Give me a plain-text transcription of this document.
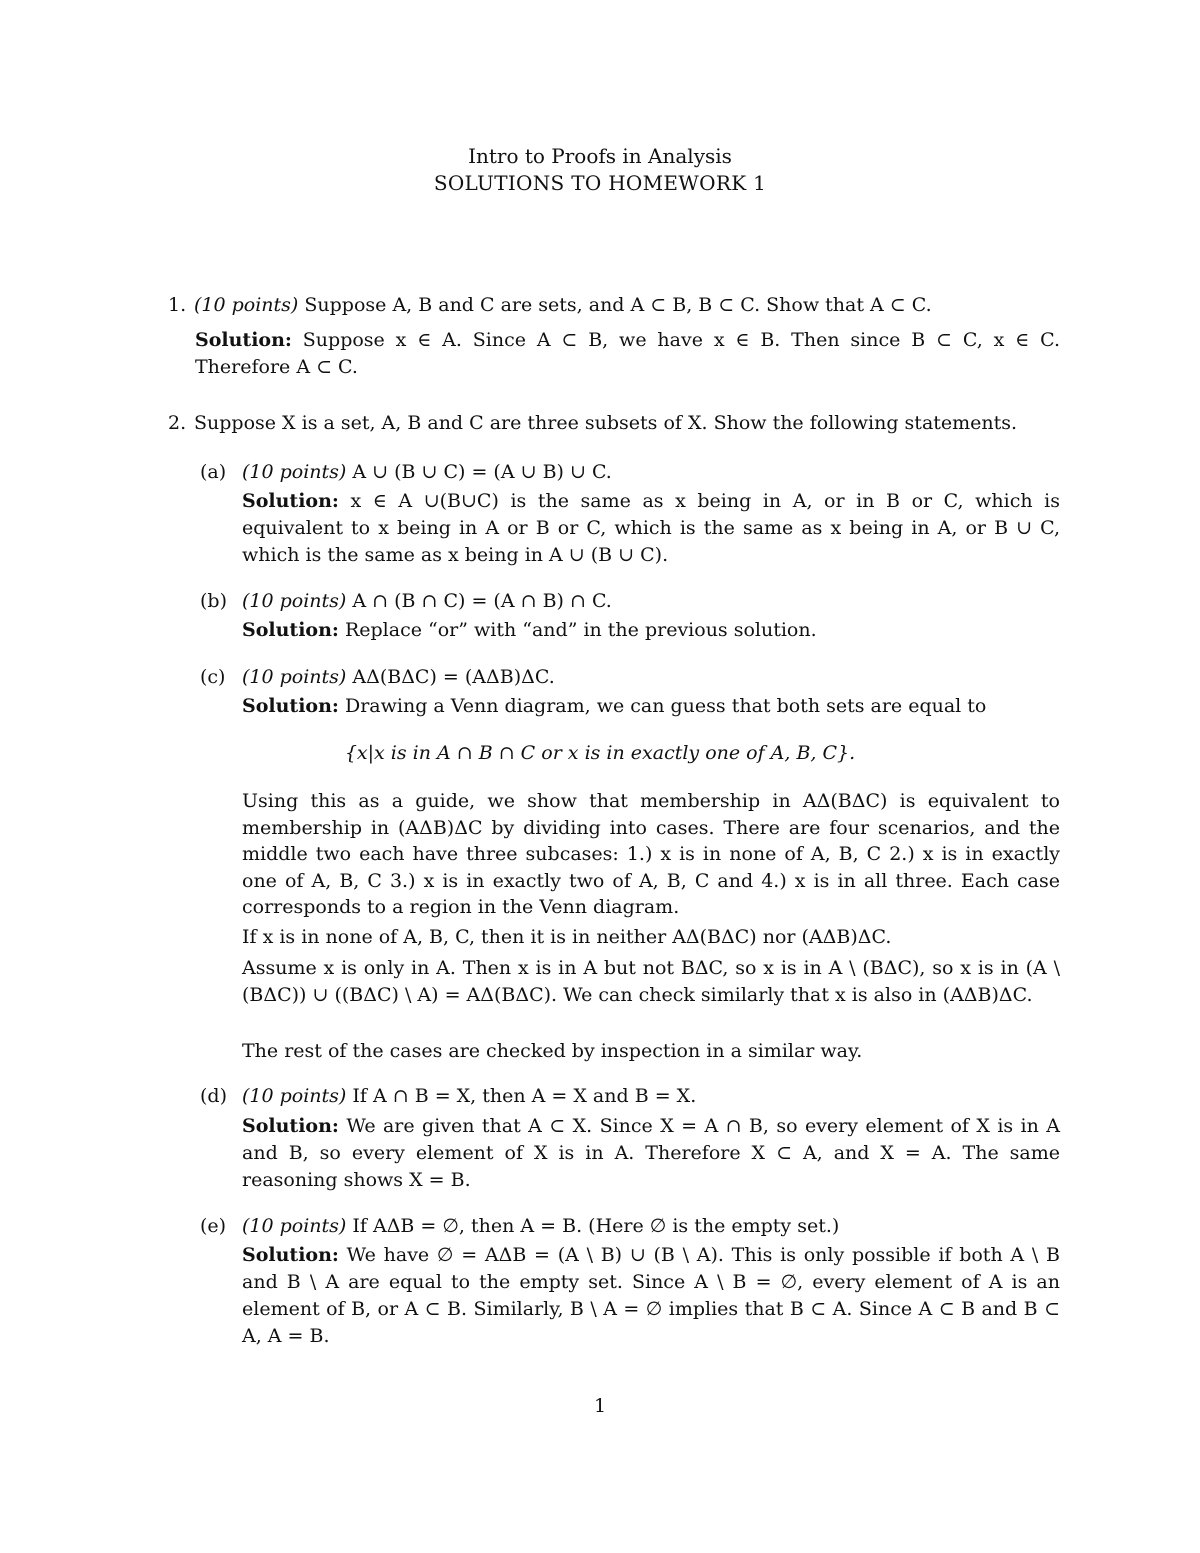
Intro to Proofs in Analysis
SOLUTIONS TO HOMEWORK 1
1. (10 points) Suppose A, B and C are sets, and A ⊂ B, B ⊂ C. Show that A ⊂ C.
Solution: Suppose x ∈ A. Since A ⊂ B, we have x ∈ B. Then since B ⊂ C, x ∈ C. Therefore A ⊂ C.
2. Suppose X is a set, A, B and C are three subsets of X. Show the following statements.
(a) (10 points) A ∪ (B ∪ C) = (A ∪ B) ∪ C.
Solution: x ∈ A ∪(B∪C) is the same as x being in A, or in B or C, which is equivalent to x being in A or B or C, which is the same as x being in A, or B ∪ C, which is the same as x being in A ∪ (B ∪ C).
(b) (10 points) A ∩ (B ∩ C) = (A ∩ B) ∩ C.
Solution: Replace “or” with “and” in the previous solution.
(c) (10 points) AΔ(BΔC) = (AΔB)ΔC.
Solution: Drawing a Venn diagram, we can guess that both sets are equal to
{x|x is in A ∩ B ∩ C or x is in exactly one of A, B, C}.
Using this as a guide, we show that membership in AΔ(BΔC) is equivalent to membership in (AΔB)ΔC by dividing into cases. There are four scenarios, and the middle two each have three subcases: 1.) x is in none of A, B, C 2.) x is in exactly one of A, B, C 3.) x is in exactly two of A, B, C and 4.) x is in all three. Each case corresponds to a region in the Venn diagram.
If x is in none of A, B, C, then it is in neither AΔ(BΔC) nor (AΔB)ΔC.
Assume x is only in A. Then x is in A but not BΔC, so x is in A \ (BΔC), so x is in (A \ (BΔC)) ∪ ((BΔC) \ A) = AΔ(BΔC). We can check similarly that x is also in (AΔB)ΔC.
The rest of the cases are checked by inspection in a similar way.
(d) (10 points) If A ∩ B = X, then A = X and B = X.
Solution: We are given that A ⊂ X. Since X = A ∩ B, so every element of X is in A and B, so every element of X is in A. Therefore X ⊂ A, and X = A. The same reasoning shows X = B.
(e) (10 points) If AΔB = ∅, then A = B. (Here ∅ is the empty set.)
Solution: We have ∅ = AΔB = (A \ B) ∪ (B \ A). This is only possible if both A \ B and B \ A are equal to the empty set. Since A \ B = ∅, every element of A is an element of B, or A ⊂ B. Similarly, B \ A = ∅ implies that B ⊂ A. Since A ⊂ B and B ⊂ A, A = B.
1
